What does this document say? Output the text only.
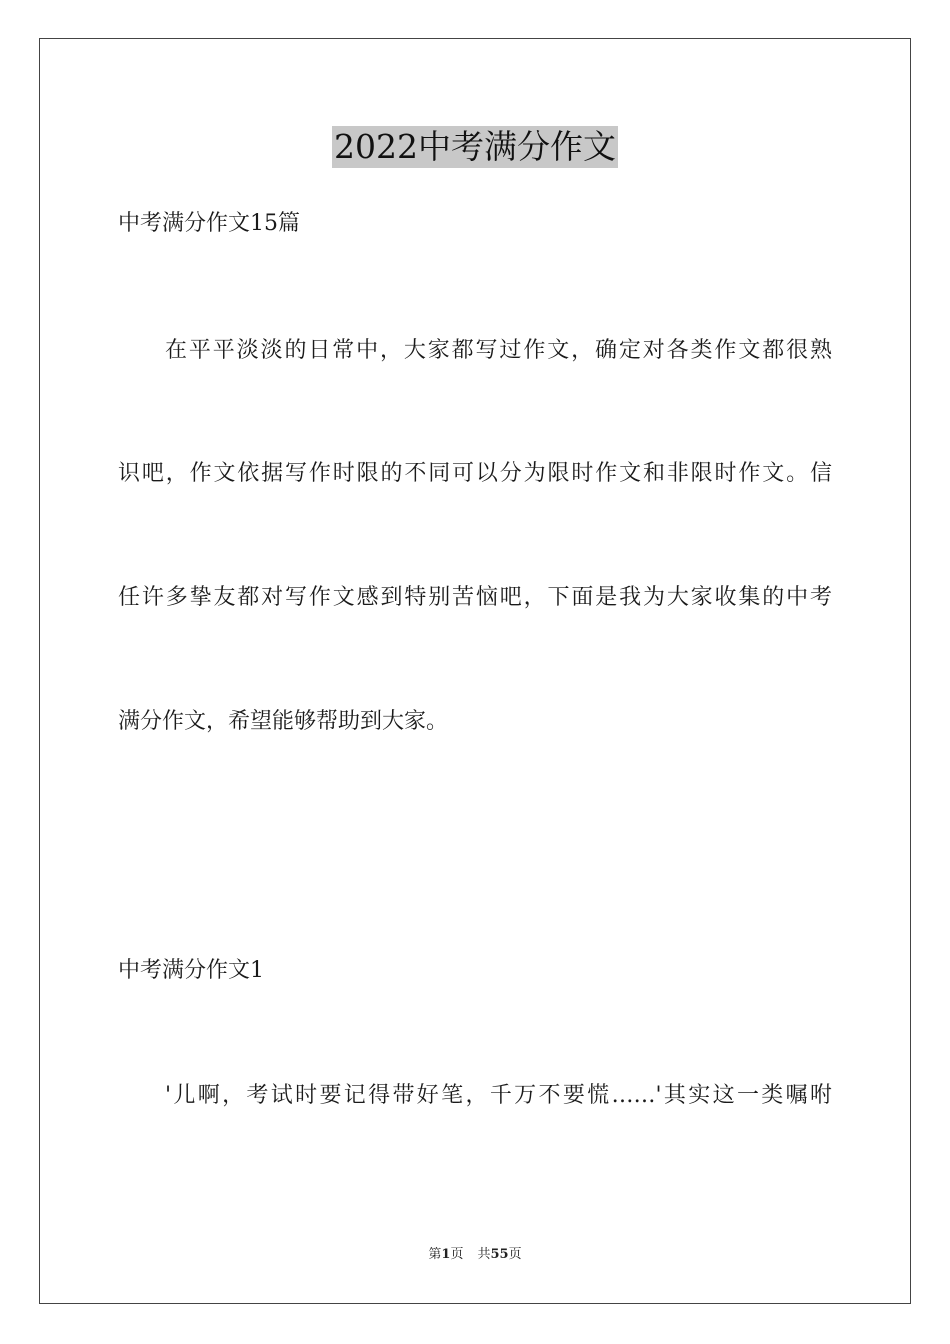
2022中考满分作文
中考满分作文15篇
在平平淡淡的日常中，大家都写过作文，确定对各类作文都很熟
识吧，作文依据写作时限的不同可以分为限时作文和非限时作文。信
任许多挚友都对写作文感到特别苦恼吧，下面是我为大家收集的中考
满分作文，希望能够帮助到大家。
中考满分作文1
'儿啊，考试时要记得带好笔，千万不要慌……'其实这一类嘱咐
第1页 共55页
